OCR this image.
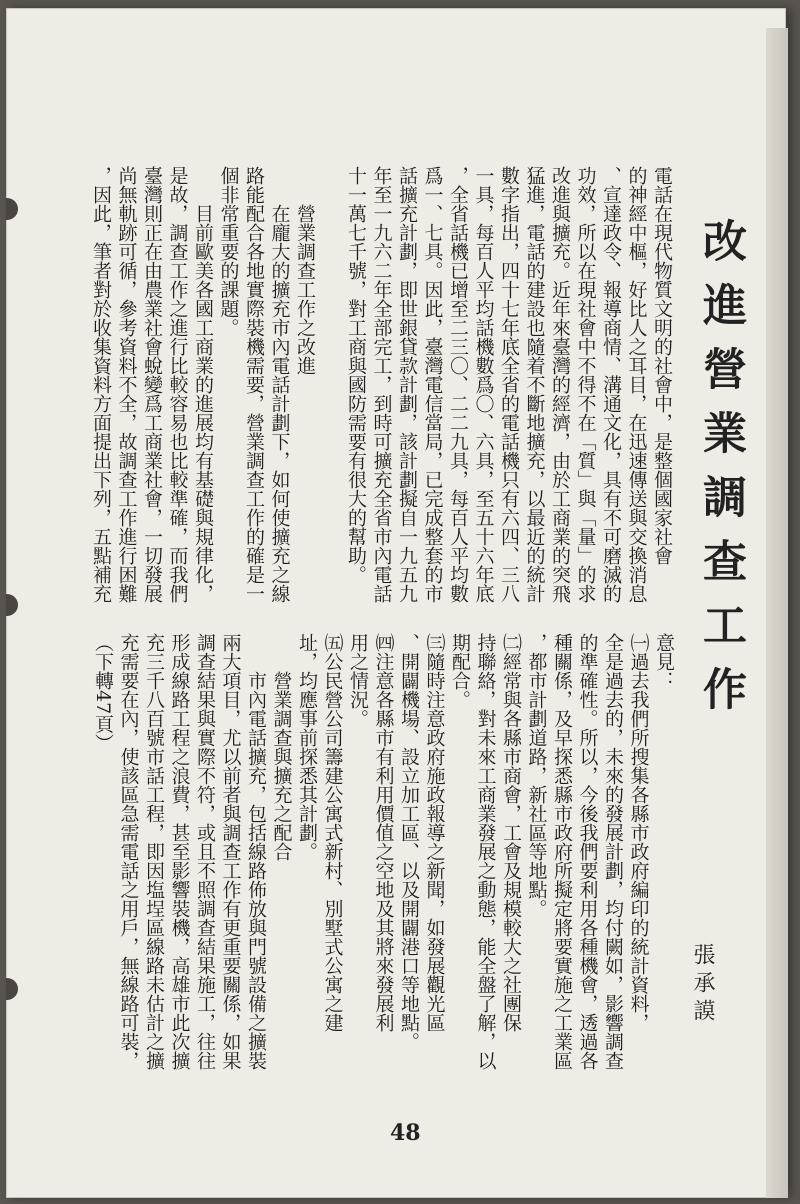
改進營業調查工作
張承謨
電話在現代物質文明的社會中，是整個國家社會
的神經中樞，好比人之耳目，在迅速傳送與交換消息
、宣達政令、報導商情、溝通文化，具有不可磨滅的
功效，所以在現社會中不得不在「質」與「量」的求
改進與擴充。近年來臺灣的經濟，由於工商業的突飛
猛進，電話的建設也隨着不斷地擴充，以最近的統計
數字指出，四十七年底全省的電話機只有六四、三八
一具，每百人平均話機數爲〇、六具，至五十六年底
，全省話機已增至二三〇、二二九具，每百人平均數
爲一、七具。因此，臺灣電信當局，已完成整套的市
話擴充計劃，即世銀貸款計劃，該計劃擬自一九五九
年至一九六二年全部完工，到時可擴充全省市內電話
十一萬七千號，對工商與國防需要有很大的幫助。

　　營業調查工作之改進
　　在龐大的擴充市內電話計劃下，如何使擴充之線
路能配合各地實際裝機需要，營業調查工作的確是一
個非常重要的課題。
　　目前歐美各國工商業的進展均有基礎與規律化，
是故，調查工作之進行比較容易也比較準確，而我們
臺灣則正在由農業社會蛻變爲工商業社會，一切發展
尚無軌跡可循，參考資料不全，故調查工作進行困難
，因此，筆者對於收集資料方面提出下列，五點補充
意見：
㈠過去我們所搜集各縣市政府編印的統計資料，
全是過去的，未來的發展計劃，均付闕如，影響調查
的準確性。所以，今後我們要利用各種機會，透過各
種關係，及早探悉縣市政府所擬定將要實施之工業區
，都市計劃道路，新社區等地點。
㈡經常與各縣市商會，工會及規模較大之社團保
持聯絡，對未來工商業發展之動態，能全盤了解，以
期配合。
㈢隨時注意政府施政報導之新聞，如發展觀光區
、開闢機場、設立加工區、以及開闢港口等地點。
㈣注意各縣市有利用價值之空地及其將來發展利
用之情況。
㈤公民營公司籌建公寓式新村、別墅式公寓之建
址，均應事前探悉其計劃。
　　營業調查與擴充之配合
　　市內電話擴充，包括線路佈放與門號設備之擴裝
兩大項目，尤以前者與調查工作有更重要關係，如果
調查結果與實際不符，或且不照調查結果施工，往往
形成線路工程之浪費，甚至影響裝機，高雄市此次擴
充三千八百號市話工程，即因塩埕區線路未估計之擴
充需要在內，使該區急需電話之用戶，無線路可裝，
（下轉47頁）
48
